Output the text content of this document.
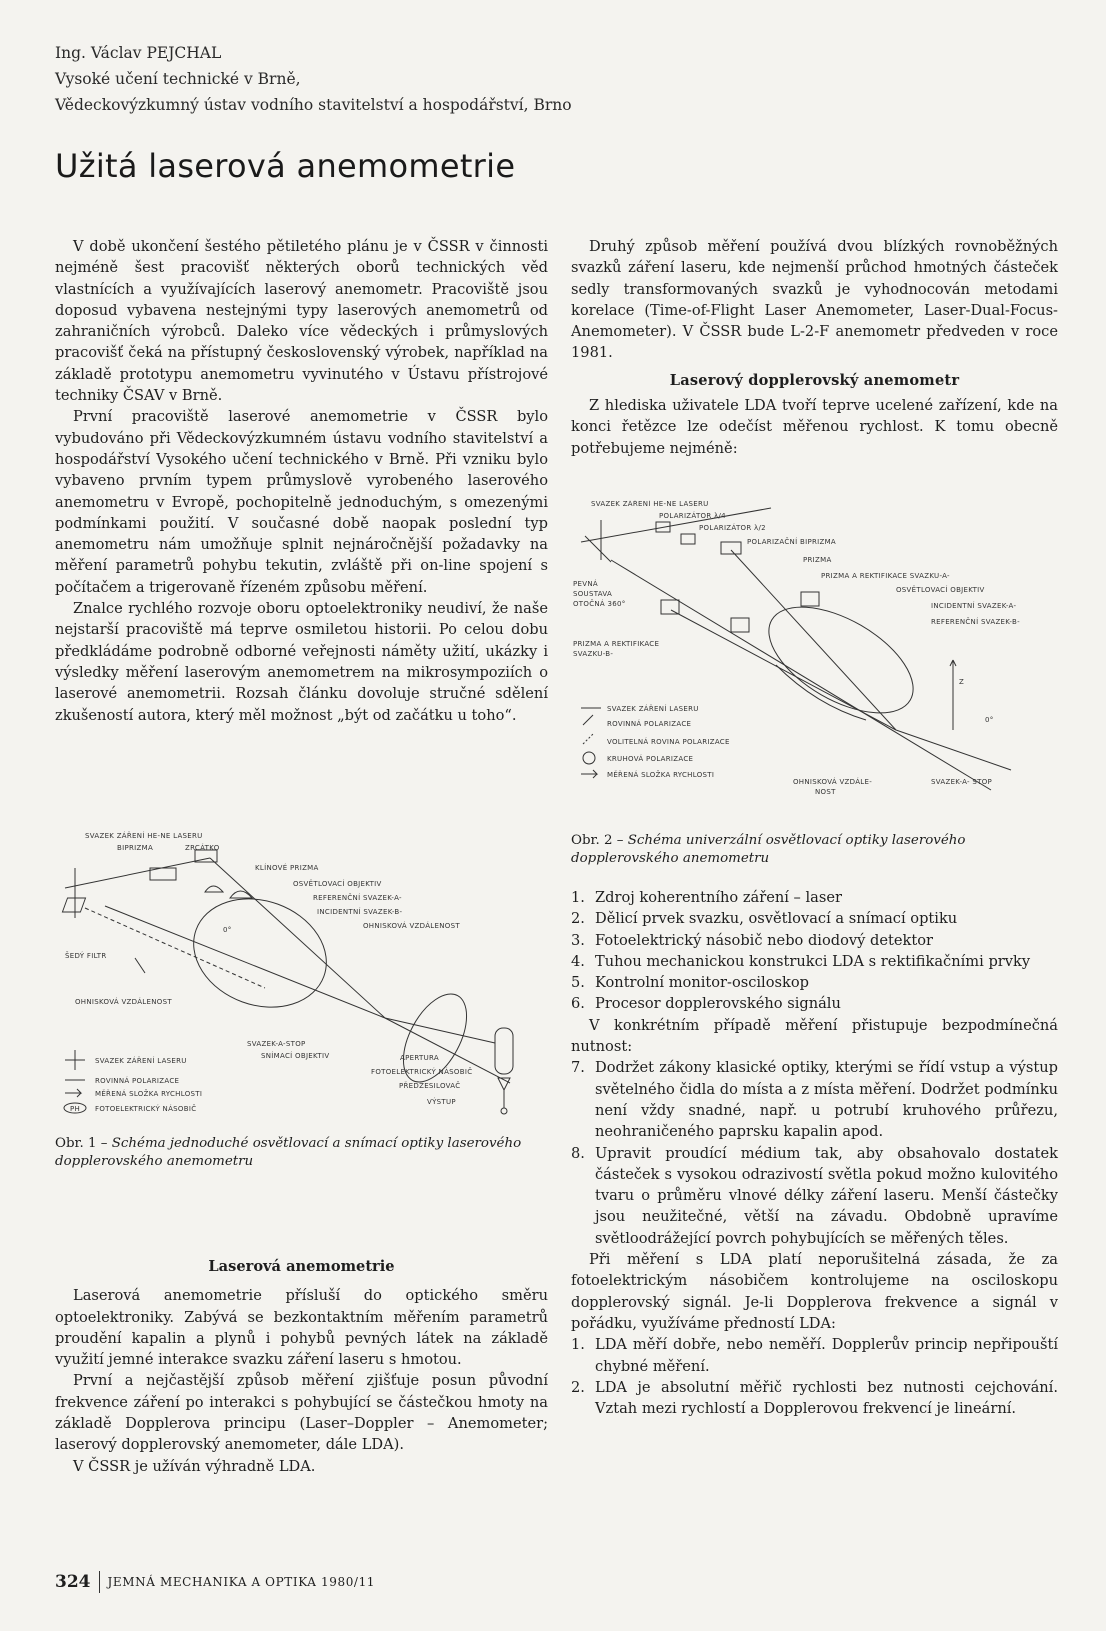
Ing. Václav PEJCHAL
Vysoké učení technické v Brně,
Vědeckovýzkumný ústav vodního stavitelství a hospodářství, Brno
Užitá laserová anemometrie

V době ukončení šestého pětiletého plánu je v ČSSR v činnosti nejméně šest pracovišť některých oborů technických věd vlastnících a využívajících laserový anemometr. Pracoviště jsou doposud vybavena nestejnými typy laserových anemometrů od zahraničních výrobců. Daleko více vědeckých i průmyslových pracovišť čeká na přístupný československý výrobek, například na základě prototypu anemometru vyvinutého v Ústavu přístrojové techniky ČSAV v Brně.

První pracoviště laserové anemometrie v ČSSR bylo vybudováno při Vědeckovýzkumném ústavu vodního stavitelství a hospodářství Vysokého učení technického v Brně. Při vzniku bylo vybaveno prvním typem průmyslově vyrobeného laserového anemometru v Evropě, pochopitelně jednoduchým, s omezenými podmínkami použití. V současné době naopak poslední typ anemometru nám umožňuje splnit nejnáročnější požadavky na měření parametrů pohybu tekutin, zvláště při on-line spojení s počítačem a trigerovaně řízeném způsobu měření.

Znalce rychlého rozvoje oboru optoelektroniky neudiví, že naše nejstarší pracoviště má teprve osmiletou historii. Po celou dobu předkládáme podrobně odborné veřejnosti náměty užití, ukázky i výsledky měření laserovým anemometrem na mikrosympoziích o laserové anemometrii. Rozsah článku dovoluje stručné sdělení zkušeností autora, který měl možnost „být od začátku u toho“.

SVAZEK ZÁŘENÍ HE-NE LASERU
BIPRIZMA	ZRCÁTKO
KLÍNOVÉ PRIZMA
OSVĚTLOVACÍ OBJEKTIV
REFERENČNÍ SVAZEK-A-
INCIDENTNÍ SVAZEK-B-
OHNISKOVÁ VZDÁLENOST
ŠEDÝ FILTR
OHNISKOVÁ VZDÁLENOST
SVAZEK-A-STOP
SNÍMACÍ OBJEKTIV	APERTURA
FOTOELEKTRICKÝ NÁSOBIČ
PŘEDZESILOVAČ
VÝSTUP
0°
SVAZEK ZÁŘENÍ LASERU
ROVINNÁ POLARIZACE
MĚŘENÁ SLOŽKA RYCHLOSTI
PH FOTOELEKTRICKÝ NÁSOBIČ
Obr. 1 – Schéma jednoduché osvětlovací a snímací optiky laserového dopplerovského anemometru
Laserová anemometrie

Laserová anemometrie přísluší do optického směru optoelektroniky. Zabývá se bezkontaktním měřením parametrů proudění kapalin a plynů i pohybů pevných látek na základě využití jemné interakce svazku záření laseru s hmotou.

První a nejčastější způsob měření zjišťuje posun původní frekvence záření po interakci s pohybující se částečkou hmoty na základě Dopplerova principu (Laser–Doppler – Anemometer; laserový dopplerovský anemometer, dále LDA).

V ČSSR je užíván výhradně LDA.

Druhý způsob měření používá dvou blízkých rovnoběžných svazků záření laseru, kde nejmenší průchod hmotných částeček sedly transformovaných svazků je vyhodnocován metodami korelace (Time-of-Flight Laser Anemometer, Laser-Dual-Focus-Anemometer). V ČSSR bude L-2-F anemometr předveden v roce 1981.

Laserový dopplerovský anemometr

Z hlediska uživatele LDA tvoří teprve ucelené zařízení, kde na konci řetězce lze odečíst měřenou rychlost. K tomu obecně potřebujeme nejméně:

SVAZEK ZÁŘENÍ HE-NE LASERU
POLARIZÁTOR λ/4
POLARIZÁTOR λ/2
POLARIZAČNÍ BIPRIZMA
PRIZMA
PRIZMA A REKTIFIKACE SVAZKU-A-
OSVĚTLOVACÍ OBJEKTIV
INCIDENTNÍ SVAZEK-A-
REFERENČNÍ SVAZEK-B-
PEVNÁ
SOUSTAVA
OTOČNÁ 360°
PRIZMA A REKTIFIKACE
SVAZKU-B-
OHNISKOVÁ VZDÁLE-
NOST
SVAZEK-A- STOP
Z
0°
SVAZEK ZÁŘENÍ LASERU
ROVINNÁ POLARIZACE
VOLITELNÁ ROVINA POLARIZACE
KRUHOVÁ POLARIZACE
MĚŘENÁ SLOŽKA RYCHLOSTI
Obr. 2 – Schéma univerzální osvětlovací optiky laserového dopplerovského anemometru
1. Zdroj koherentního záření – laser
2. Dělicí prvek svazku, osvětlovací a snímací optiku
3. Fotoelektrický násobič nebo diodový detektor
4. Tuhou mechanickou konstrukci LDA s rektifikačními prvky
5. Kontrolní monitor-osciloskop
6. Procesor dopplerovského signálu

V konkrétním případě měření přistupuje bezpodmínečná nutnost:

7. Dodržet zákony klasické optiky, kterými se řídí vstup a výstup světelného čidla do místa a z místa měření. Dodržet podmínku není vždy snadné, např. u potrubí kruhového průřezu, neohraničeného paprsku kapalin apod.
8. Upravit proudící médium tak, aby obsahovalo dostatek částeček s vysokou odrazivostí světla pokud možno kulovitého tvaru o průměru vlnové délky záření laseru. Menší částečky jsou neužitečné, větší na závadu. Obdobně upravíme světloodrážející povrch pohybujících se měřených těles.

Při měření s LDA platí neporušitelná zásada, že za fotoelektrickým násobičem kontrolujeme na osciloskopu dopplerovský signál. Je-li Dopplerova frekvence a signál v pořádku, využíváme předností LDA:

1. LDA měří dobře, nebo neměří. Dopplerův princip nepřipouští chybné měření.
2. LDA je absolutní měřič rychlosti bez nutnosti cejchování. Vztah mezi rychlostí a Dopplerovou frekvencí je lineární.
324 JEMNÁ MECHANIKA A OPTIKA 1980/11
